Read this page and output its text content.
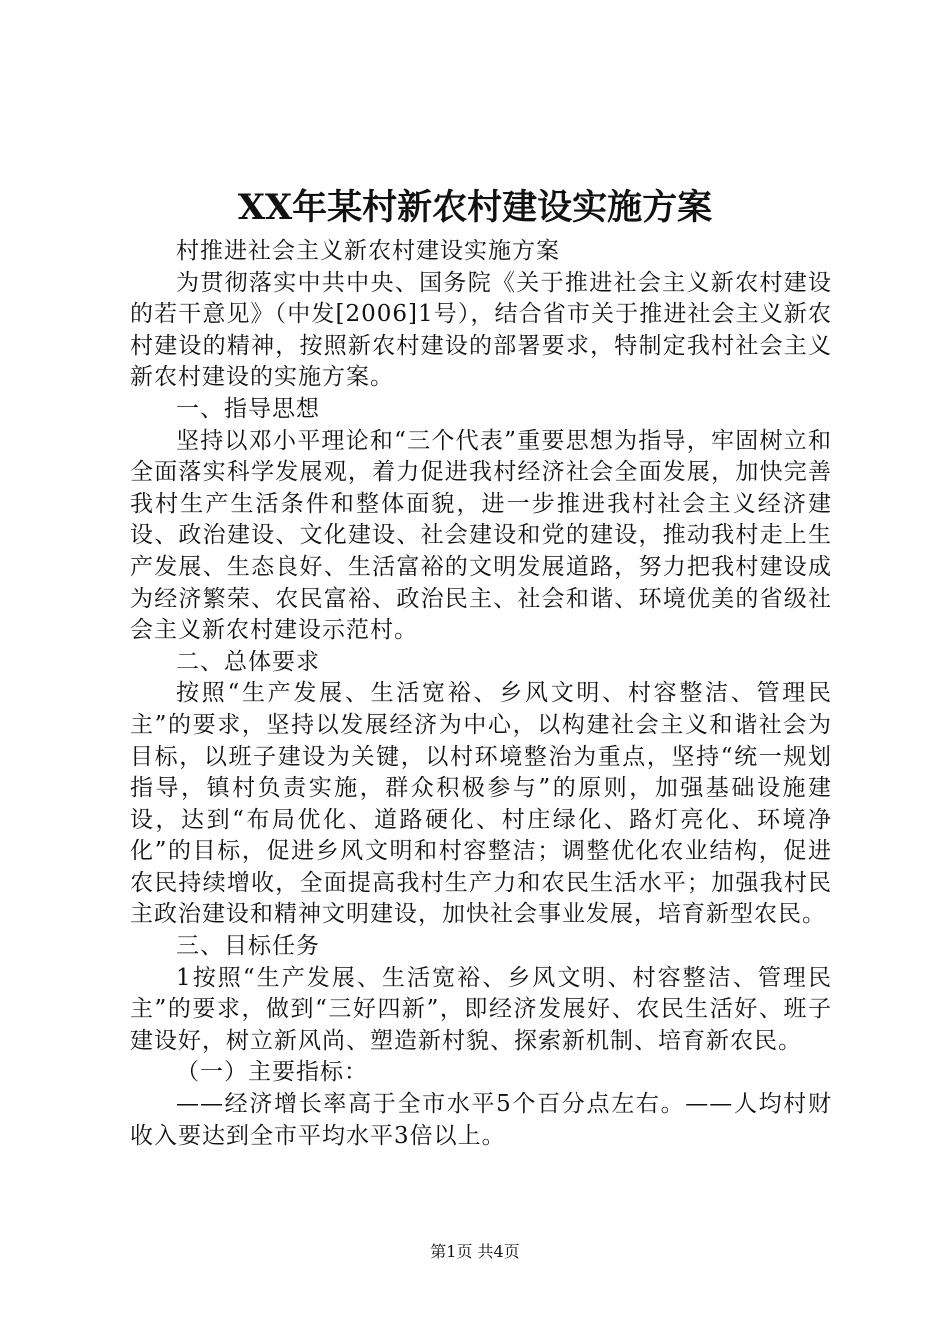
XX年某村新农村建设实施方案

村推进社会主义新农村建设实施方案

为贯彻落实中共中央、国务院《关于推进社会主义新农村建设的若干意见》（中发[2006]1号），结合省市关于推进社会主义新农村建设的精神，按照新农村建设的部署要求，特制定我村社会主义新农村建设的实施方案。

一、指导思想

坚持以邓小平理论和“三个代表”重要思想为指导，牢固树立和全面落实科学发展观，着力促进我村经济社会全面发展，加快完善我村生产生活条件和整体面貌，进一步推进我村社会主义经济建设、政治建设、文化建设、社会建设和党的建设，推动我村走上生产发展、生态良好、生活富裕的文明发展道路，努力把我村建设成为经济繁荣、农民富裕、政治民主、社会和谐、环境优美的省级社会主义新农村建设示范村。

二、总体要求

按照“生产发展、生活宽裕、乡风文明、村容整洁、管理民主”的要求，坚持以发展经济为中心，以构建社会主义和谐社会为目标，以班子建设为关键，以村环境整治为重点，坚持“统一规划指导，镇村负责实施，群众积极参与”的原则，加强基础设施建设，达到“布局优化、道路硬化、村庄绿化、路灯亮化、环境净化”的目标，促进乡风文明和村容整洁；调整优化农业结构，促进农民持续增收，全面提高我村生产力和农民生活水平；加强我村民主政治建设和精神文明建设，加快社会事业发展，培育新型农民。

三、目标任务

1按照“生产发展、生活宽裕、乡风文明、村容整洁、管理民主”的要求，做到“三好四新”，即经济发展好、农民生活好、班子建设好，树立新风尚、塑造新村貌、探索新机制、培育新农民。

（一）主要指标：

——经济增长率高于全市水平5个百分点左右。——人均村财收入要达到全市平均水平3倍以上。

第1页 共4页
